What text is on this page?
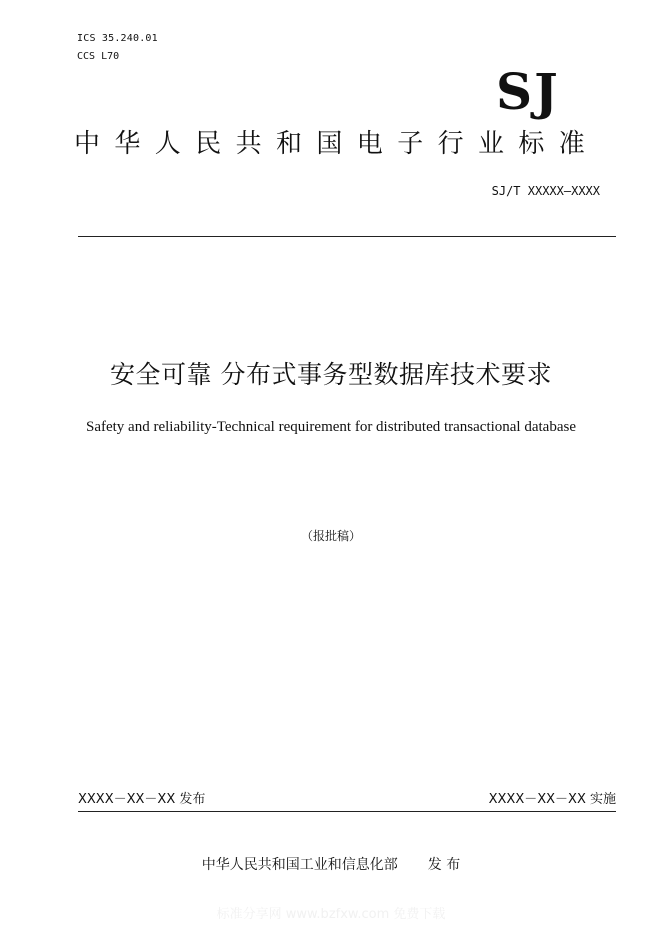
ICS 35.240.01
CCS L70
SJ
中华人民共和国电子行业标准
SJ/T XXXXX—XXXX
安全可靠 分布式事务型数据库技术要求
Safety and reliability-Technical requirement for distributed transactional database
（报批稿）
XXXX－XX－XX 发布	XXXX－XX－XX 实施
中华人民共和国工业和信息化部 发 布
标准分享网 www.bzfxw.com 免费下载
